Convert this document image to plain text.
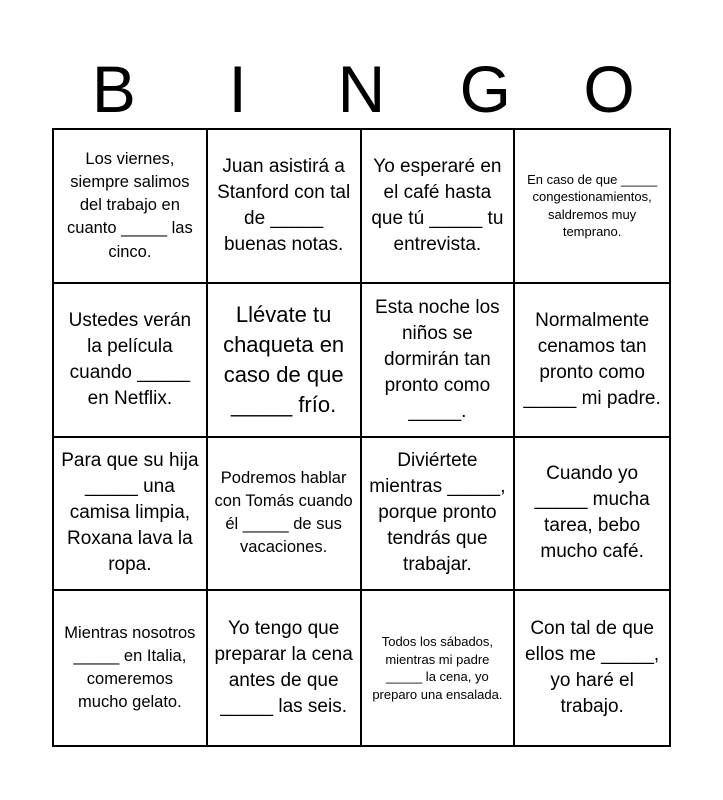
B	I	N	G	O
Los viernes, siempre salimos del trabajo en cuanto _____ las cinco.
Juan asistirá a Stanford con tal de _____ buenas notas.
Yo esperaré en el café hasta que tú _____ tu entrevista.
En caso de que _____ congestionamientos, saldremos muy temprano.
Ustedes verán la película cuando _____ en Netflix.
Llévate tu chaqueta en caso de que _____ frío.
Esta noche los niños se dormirán tan pronto como _____.
Normalmente cenamos tan pronto como _____ mi padre.
Para que su hija _____ una camisa limpia, Roxana lava la ropa.
Podremos hablar con Tomás cuando él _____ de sus vacaciones.
Diviértete mientras _____, porque pronto tendrás que trabajar.
Cuando yo _____ mucha tarea, bebo mucho café.
Mientras nosotros _____ en Italia, comeremos mucho gelato.
Yo tengo que preparar la cena antes de que _____ las seis.
Todos los sábados, mientras mi padre _____ la cena, yo preparo una ensalada.
Con tal de que ellos me _____, yo haré el trabajo.
